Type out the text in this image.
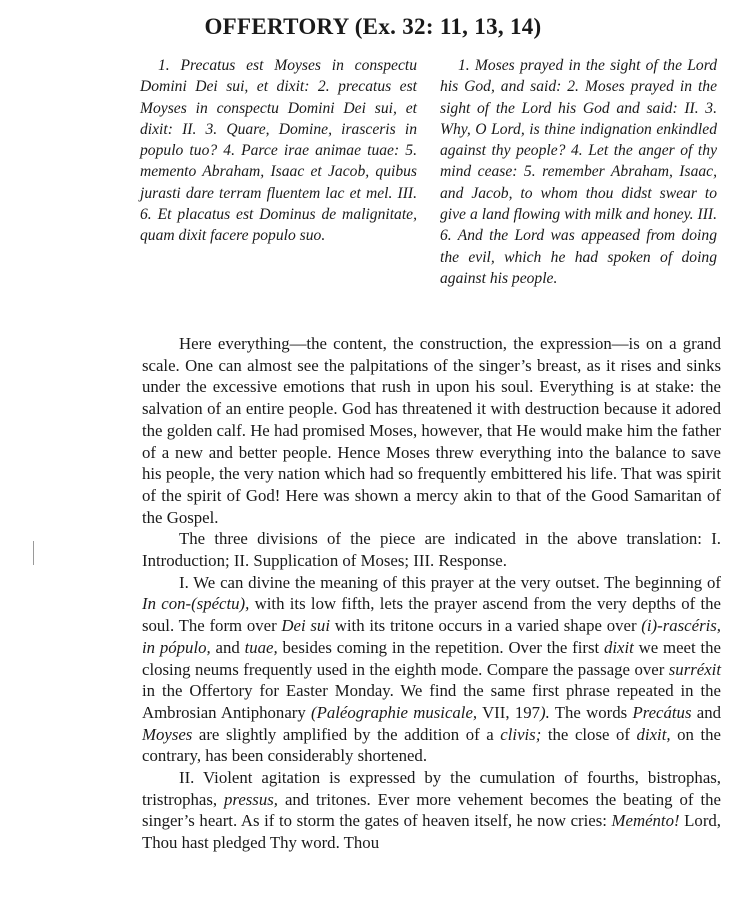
OFFERTORY (Ex. 32: 11, 13, 14)

1. Precatus est Moyses in conspectu Domini Dei sui, et dixit: 2. precatus est Moyses in conspectu Domini Dei sui, et dixit: II. 3. Quare, Domine, irasceris in populo tuo? 4. Parce irae animae tuae: 5. memento Abraham, Isaac et Jacob, quibus jurasti dare terram fluentem lac et mel. III. 6. Et placatus est Dominus de malignitate, quam dixit facere populo suo.

1. Moses prayed in the sight of the Lord his God, and said: 2. Moses prayed in the sight of the Lord his God and said: II. 3. Why, O Lord, is thine indignation enkindled against thy people? 4. Let the anger of thy mind cease: 5. remember Abraham, Isaac, and Jacob, to whom thou didst swear to give a land flowing with milk and honey. III. 6. And the Lord was appeased from doing the evil, which he had spoken of doing against his people.

Here everything—the content, the construction, the expression—is on a grand scale. One can almost see the palpitations of the singer’s breast, as it rises and sinks under the excessive emotions that rush in upon his soul. Everything is at stake: the salvation of an entire people. God has threatened it with destruction because it adored the golden calf. He had promised Moses, however, that He would make him the father of a new and better people. Hence Moses threw everything into the balance to save his people, the very nation which had so frequently embittered his life. That was spirit of the spirit of God! Here was shown a mercy akin to that of the Good Samaritan of the Gospel.

The three divisions of the piece are indicated in the above translation: I. Introduction; II. Supplication of Moses; III. Response.

I. We can divine the meaning of this prayer at the very outset. The beginning of In con-(spéctu), with its low fifth, lets the prayer ascend from the very depths of the soul. The form over Dei sui with its tritone occurs in a varied shape over (i)-rascéris, in pópulo, and tuae, besides coming in the repetition. Over the first dixit we meet the closing neums frequently used in the eighth mode. Compare the passage over surréxit in the Offertory for Easter Monday. We find the same first phrase repeated in the Ambrosian Antiphonary (Paléographie musicale, VII, 197). The words Precátus and Moyses are slightly amplified by the addition of a clivis; the close of dixit, on the contrary, has been considerably shortened.

II. Violent agitation is expressed by the cumulation of fourths, bistrophas, tristrophas, pressus, and tritones. Ever more vehement becomes the beating of the singer’s heart. As if to storm the gates of heaven itself, he now cries: Meménto! Lord, Thou hast pledged Thy word. Thou
